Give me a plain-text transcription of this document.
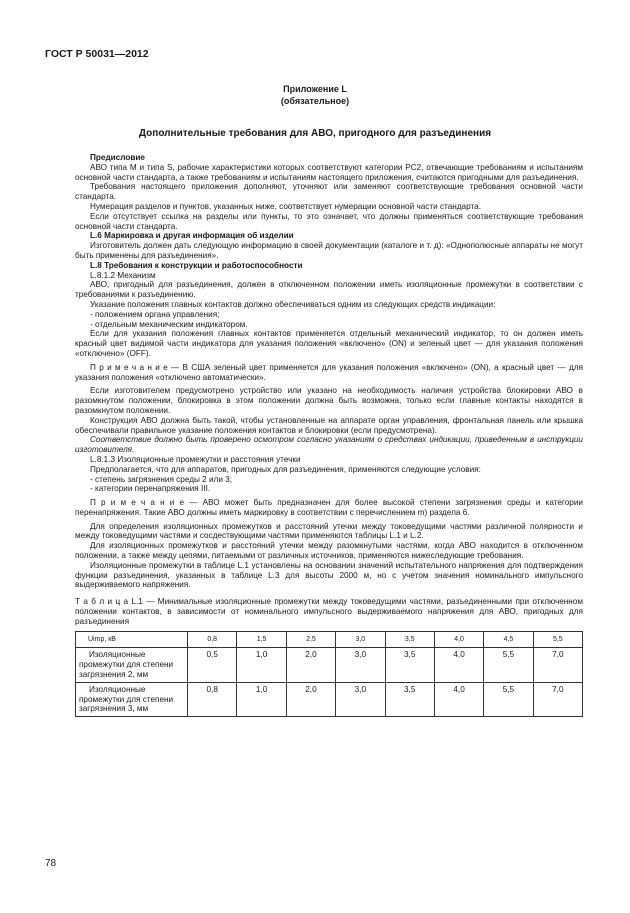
ГОСТ Р 50031—2012
Приложение L
(обязательное)
Дополнительные требования для АВО, пригодного для разъединения

Предисловие

АВО типа M и типа S, рабочие характеристики которых соответствуют категории PC2, отвечающие требованиям и испытаниям основной части стандарта, а также требованиям и испытаниям настоящего приложения, считаются пригодными для разъединения.

Требования настоящего приложения дополняют, уточняют или заменяют соответствующие требования основной части стандарта.

Нумерация разделов и пунктов, указанных ниже, соответствует нумерации основной части стандарта.

Если отсутствует ссылка на разделы или пункты, то это означает, что должны применяться соответствующие требования основной части стандарта.

L.6 Маркировка и другая информация об изделии

Изготовитель должен дать следующую информацию в своей документации (каталоге и т. д): «Однополюсные аппараты не могут быть применены для разъединения».

L.8 Требования к конструкции и работоспособности

L.8.1.2 Механизм

АВО, пригодный для разъединения, должен в отключенном положении иметь изоляционные промежутки в соответствии с требованиями к разъединению.

Указание положения главных контактов должно обеспечиваться одним из следующих средств индикации:

- положением органа управления;

- отдельным механическим индикатором.

Если для указания положения главных контактов применяется отдельный механический индикатор, то он должен иметь красный цвет видимой части индикатора для указания положения «включено» (ON) и зеленый цвет — для указания положения «отключено» (OFF).

П р и м е ч а н и е — В США зеленый цвет применяется для указания положения «включено» (ON), а красный цвет — для указания положения «отключено автоматически».

Если изготовителем предусмотрено устройство или указано на необходимость наличия устройства блокировки АВО в разомкнутом положении, блокировка в этом положении должна быть возможна, только если главные контакты находятся в разомкнутом положении.

Конструкция АВО должна быть такой, чтобы установленные на аппарате орган управления, фронтальная панель или крышка обеспечивали правильное указание положения контактов и блокировки (если предусмотрена).

Соответствие должно быть проверено осмотром согласно указаниям о средствах индикации, приведенным в инструкции изготовителя.

L.8.1.3 Изоляционные промежутки и расстояния утечки

Предполагается, что для аппаратов, пригодных для разъединения, применяются следующие условия:

- степень загрязнения среды 2 или 3;

- категории перенапряжения III.

П р и м е ч а н и е — АВО может быть предназначен для более высокой степени загрязнения среды и категории перенапряжения. Такие АВО должны иметь маркировку в соответствии с перечислением m) раздела 6.

Для определения изоляционных промежутков и расстояний утечки между токоведущими частями различной полярности и между токоведущими частями и сосдествующими частями применяются таблицы L.1 и L.2.

Для изоляционных промежутков и расстояний утечки между разомкнутыми частями, когда АВО находится в отключенном положении, а также между цепями, питаемыми от различных источников, применяются нижеследующие требования.

Изоляционные промежутки в таблице L.1 установлены на основании значений испытательного напряжения для подтверждения функции разъединения, указанных в таблице L.3 для высоты 2000 м, но с учетом значения номинального импульсного выдерживаемого напряжения.

Т а б л и ц а L.1 — Минимальные изоляционные промежутки между токоведущими частями, разъединенными при отключенном положении контактов, в зависимости от номинального импульсного выдерживаемого напряжения для АВО, пригодных для разъединения

Uimp, кВ	0,8	1,5	2,5	3,0	3,5	4,0	4,5	5,5
Изоляционные промежутки для степени загрязнения 2, мм	0,5	1,0	2,0	3,0	3,5	4,0	5,5	7,0
Изоляционные промежутки для степени загрязнения 3, мм	0,8	1,0	2,0	3,0	3,5	4,0	5,5	7,0
78
